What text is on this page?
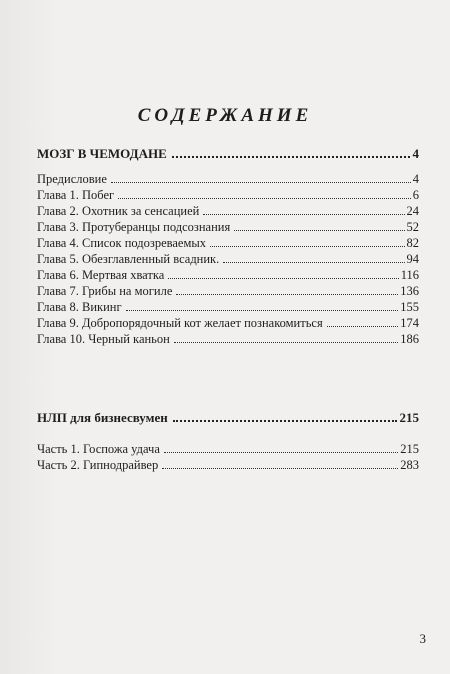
СОДЕРЖАНИЕ
МОЗГ В ЧЕМОДАНЕ	4
Предисловие	4
Глава 1. Побег	6
Глава 2. Охотник за сенсацией	24
Глава 3. Протуберанцы подсознания	52
Глава 4. Список подозреваемых	82
Глава 5. Обезглавленный всадник.	94
Глава 6. Мертвая хватка	116
Глава 7. Грибы на могиле	136
Глава 8. Викинг	155
Глава 9. Добропорядочный кот желает познакомиться	174
Глава 10. Черный каньон	186
НЛП для бизнесвумен	215
Часть 1. Госпожа удача	215
Часть 2. Гипнодрайвер	283
3
